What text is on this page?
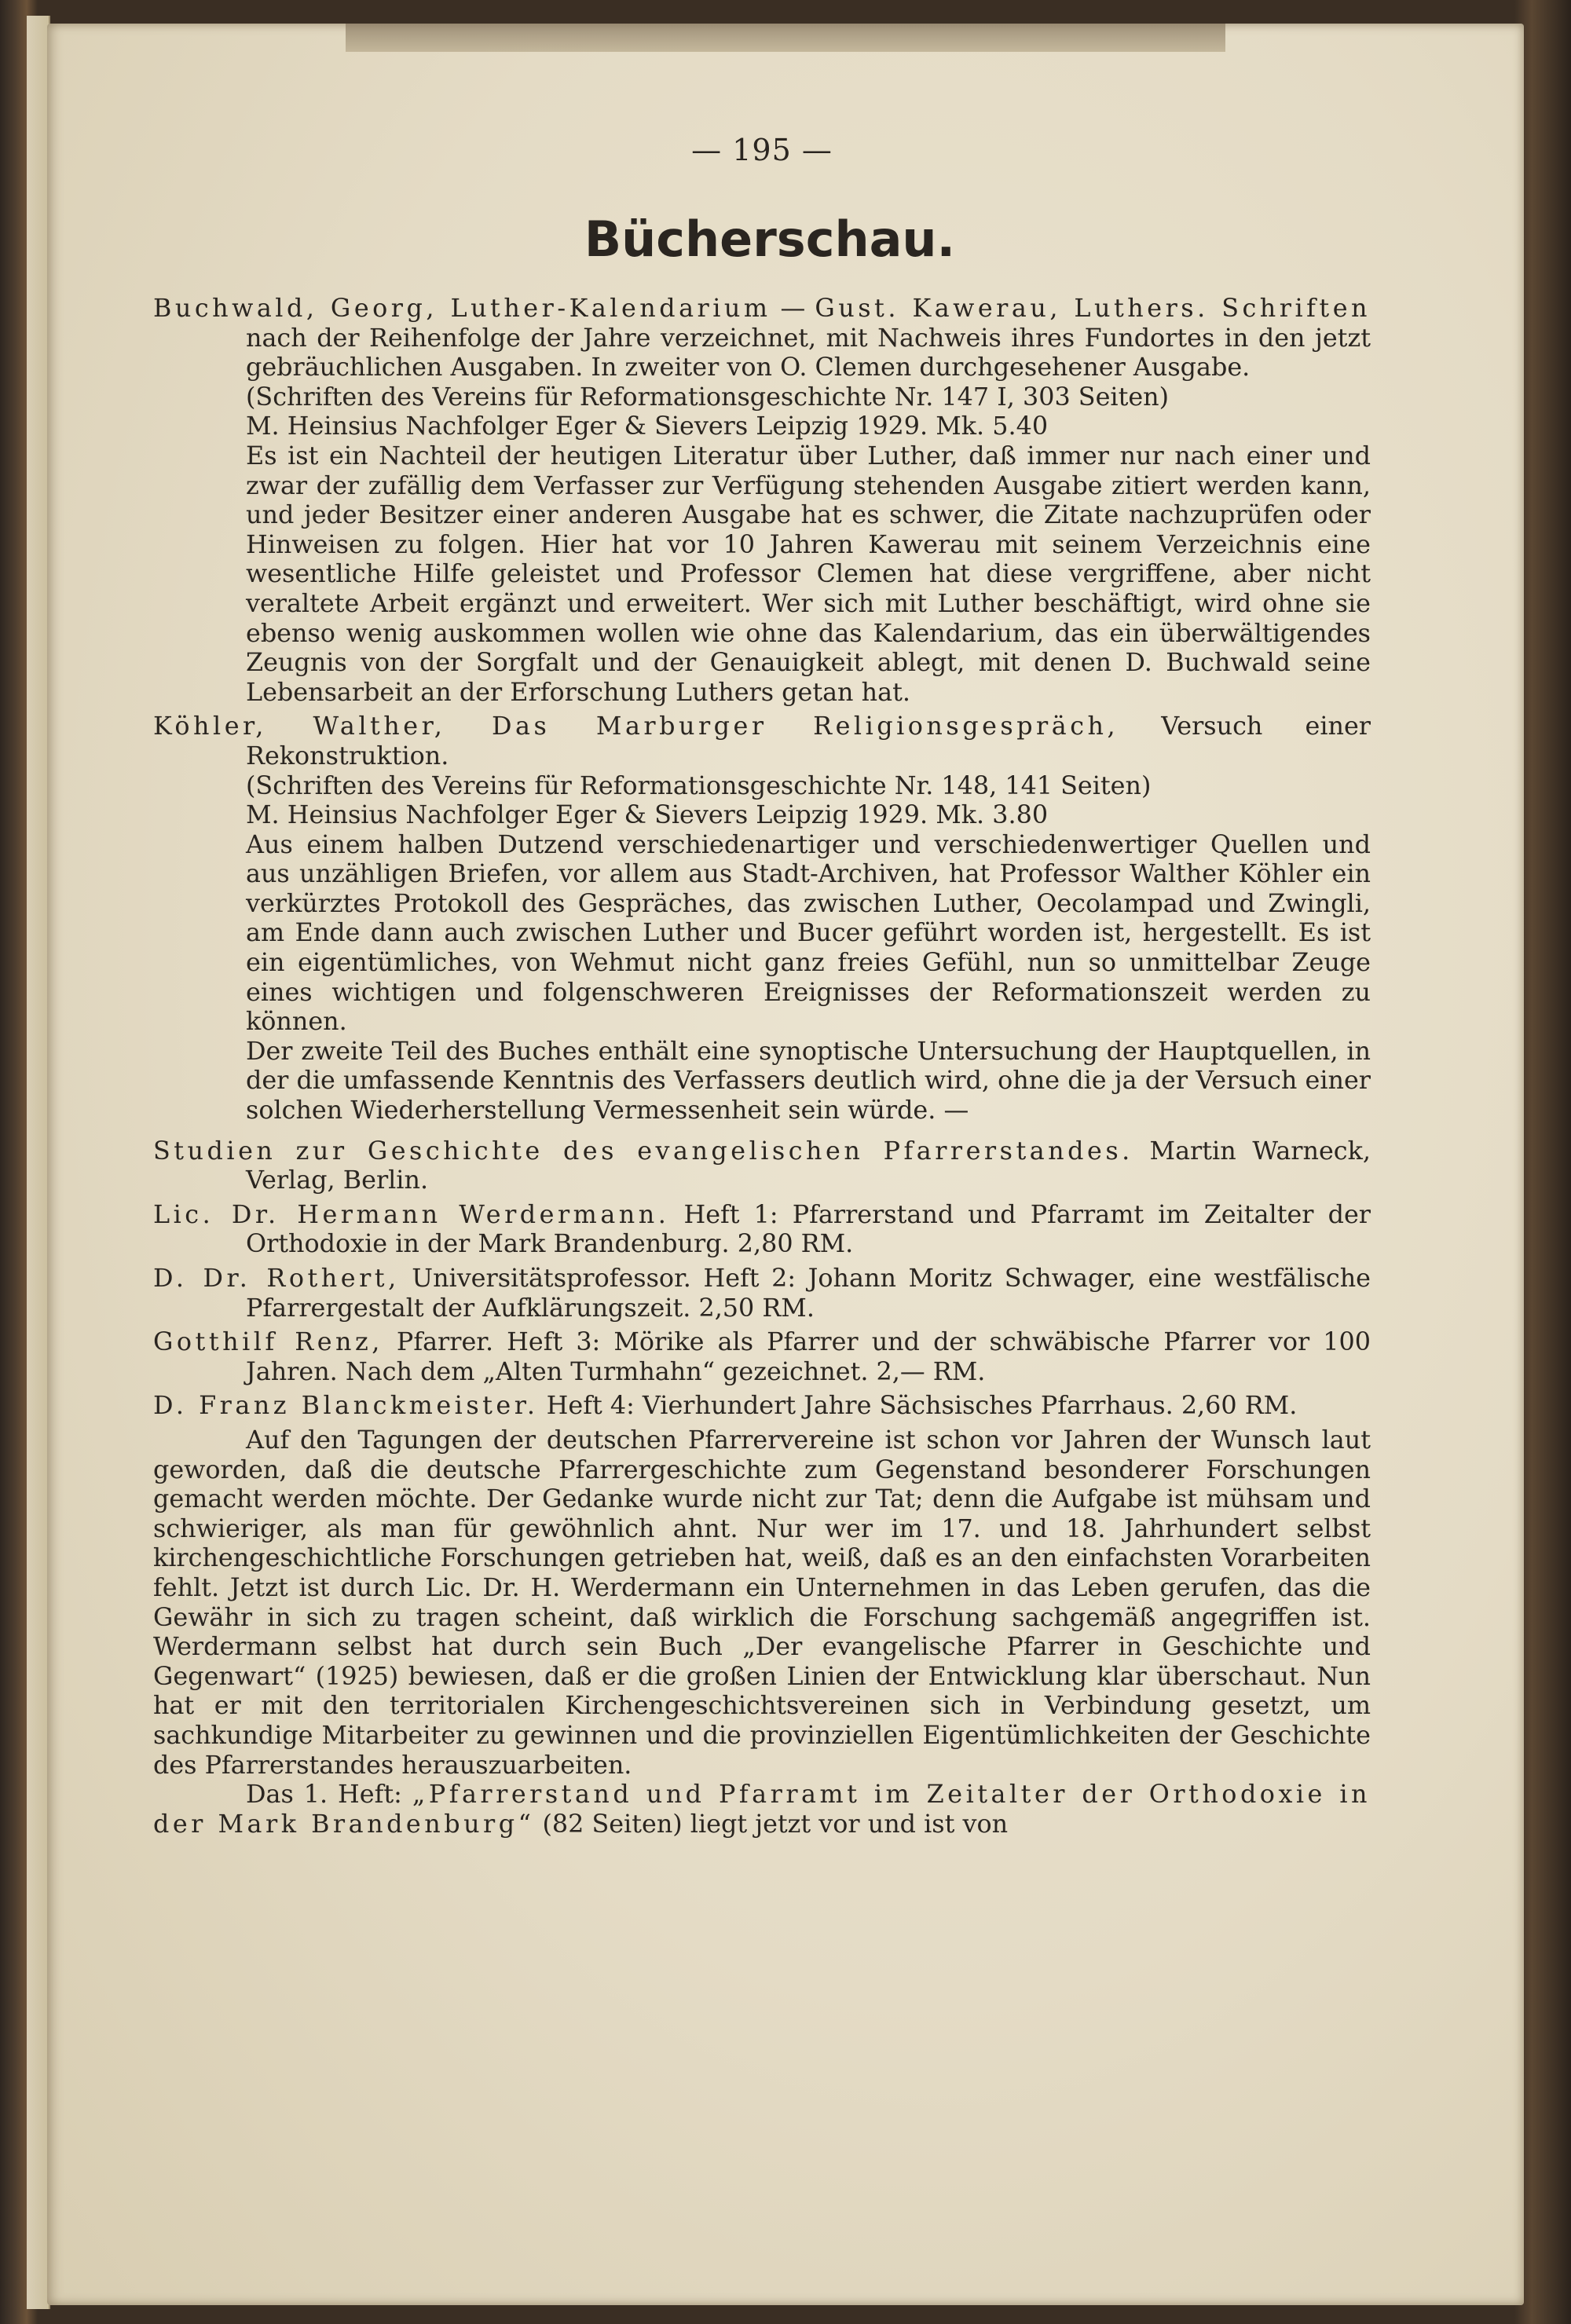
— 195 —
Bücherschau.
Buchwald, Georg, Luther-Kalendarium — Gust. Kawerau, Luthers. Schriften nach der Reihenfolge der Jahre verzeichnet, mit Nachweis ihres Fundortes in den jetzt gebräuchlichen Ausgaben. In zweiter von O. Clemen durchgesehener Ausgabe.
(Schriften des Vereins für Reformationsgeschichte Nr. 147 I, 303 Seiten)
M. Heinsius Nachfolger Eger & Sievers Leipzig 1929. Mk. 5.40
Es ist ein Nachteil der heutigen Literatur über Luther, daß immer nur nach einer und zwar der zufällig dem Verfasser zur Verfügung stehenden Ausgabe zitiert werden kann, und jeder Besitzer einer anderen Ausgabe hat es schwer, die Zitate nachzuprüfen oder Hinweisen zu folgen. Hier hat vor 10 Jahren Kawerau mit seinem Verzeichnis eine wesentliche Hilfe geleistet und Professor Clemen hat diese vergriffene, aber nicht veraltete Arbeit ergänzt und erweitert. Wer sich mit Luther beschäftigt, wird ohne sie ebenso wenig auskommen wollen wie ohne das Kalendarium, das ein überwältigendes Zeugnis von der Sorgfalt und der Genauigkeit ablegt, mit denen D. Buchwald seine Lebensarbeit an der Erforschung Luthers getan hat.
Köhler, Walther, Das Marburger Religionsgespräch, Versuch einer Rekonstruktion.
(Schriften des Vereins für Reformationsgeschichte Nr. 148, 141 Seiten)
M. Heinsius Nachfolger Eger & Sievers Leipzig 1929. Mk. 3.80
Aus einem halben Dutzend verschiedenartiger und verschiedenwertiger Quellen und aus unzähligen Briefen, vor allem aus Stadt-Archiven, hat Professor Walther Köhler ein verkürztes Protokoll des Gespräches, das zwischen Luther, Oecolampad und Zwingli, am Ende dann auch zwischen Luther und Bucer geführt worden ist, hergestellt. Es ist ein eigentümliches, von Wehmut nicht ganz freies Gefühl, nun so unmittelbar Zeuge eines wichtigen und folgenschweren Ereignisses der Reformationszeit werden zu können.
Der zweite Teil des Buches enthält eine synoptische Untersuchung der Hauptquellen, in der die umfassende Kenntnis des Verfassers deutlich wird, ohne die ja der Versuch einer solchen Wiederherstellung Vermessenheit sein würde. —
Studien zur Geschichte des evangelischen Pfarrerstandes. Martin Warneck, Verlag, Berlin.
Lic. Dr. Hermann Werdermann. Heft 1: Pfarrerstand und Pfarramt im Zeitalter der Orthodoxie in der Mark Brandenburg. 2,80 RM.
D. Dr. Rothert, Universitätsprofessor. Heft 2: Johann Moritz Schwager, eine westfälische Pfarrergestalt der Aufklärungszeit. 2,50 RM.
Gotthilf Renz, Pfarrer. Heft 3: Mörike als Pfarrer und der schwäbische Pfarrer vor 100 Jahren. Nach dem „Alten Turmhahn“ gezeichnet. 2,— RM.
D. Franz Blanckmeister. Heft 4: Vierhundert Jahre Sächsisches Pfarrhaus. 2,60 RM.

Auf den Tagungen der deutschen Pfarrervereine ist schon vor Jahren der Wunsch laut geworden, daß die deutsche Pfarrergeschichte zum Gegenstand besonderer Forschungen gemacht werden möchte. Der Gedanke wurde nicht zur Tat; denn die Aufgabe ist mühsam und schwieriger, als man für gewöhnlich ahnt. Nur wer im 17. und 18. Jahrhundert selbst kirchengeschichtliche Forschungen getrieben hat, weiß, daß es an den einfachsten Vorarbeiten fehlt. Jetzt ist durch Lic. Dr. H. Werdermann ein Unternehmen in das Leben gerufen, das die Gewähr in sich zu tragen scheint, daß wirklich die Forschung sachgemäß angegriffen ist. Werdermann selbst hat durch sein Buch „Der evangelische Pfarrer in Geschichte und Gegenwart“ (1925) bewiesen, daß er die großen Linien der Entwicklung klar überschaut. Nun hat er mit den territorialen Kirchengeschichtsvereinen sich in Verbindung gesetzt, um sachkundige Mitarbeiter zu gewinnen und die provinziellen Eigentümlichkeiten der Geschichte des Pfarrerstandes herauszuarbeiten.

Das 1. Heft: „Pfarrerstand und Pfarramt im Zeitalter der Orthodoxie in der Mark Brandenburg“ (82 Seiten) liegt jetzt vor und ist von
